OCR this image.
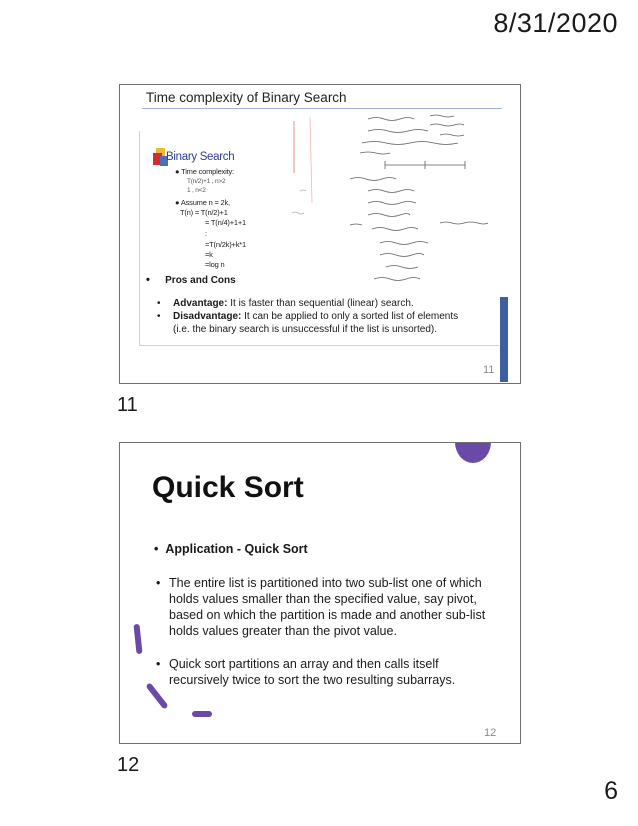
8/31/2020
Time complexity of Binary Search
Binary Search
● Time complexity:
T(n/2)+1 , n>2
1 , n<2
● Assume n = 2k,
T(n) = T(n/2)+1
= T(n/4)+1+1
:
=T(n/2k)+k*1
=k
=log n
•     Pros and Cons
• Advantage: It is faster than sequential (linear) search.
• Disadvantage: It can be applied to only a sorted list of elements (i.e. the binary search is unsuccessful if the list is unsorted).
11
11
Quick Sort
•  Application - Quick Sort
• The entire list is partitioned into two sub-list one of which holds values smaller than the specified value, say pivot, based on which the partition is made and another sub-list holds values greater than the pivot value.
• Quick sort partitions an array and then calls itself recursively twice to sort the two resulting subarrays.
12
12
6
